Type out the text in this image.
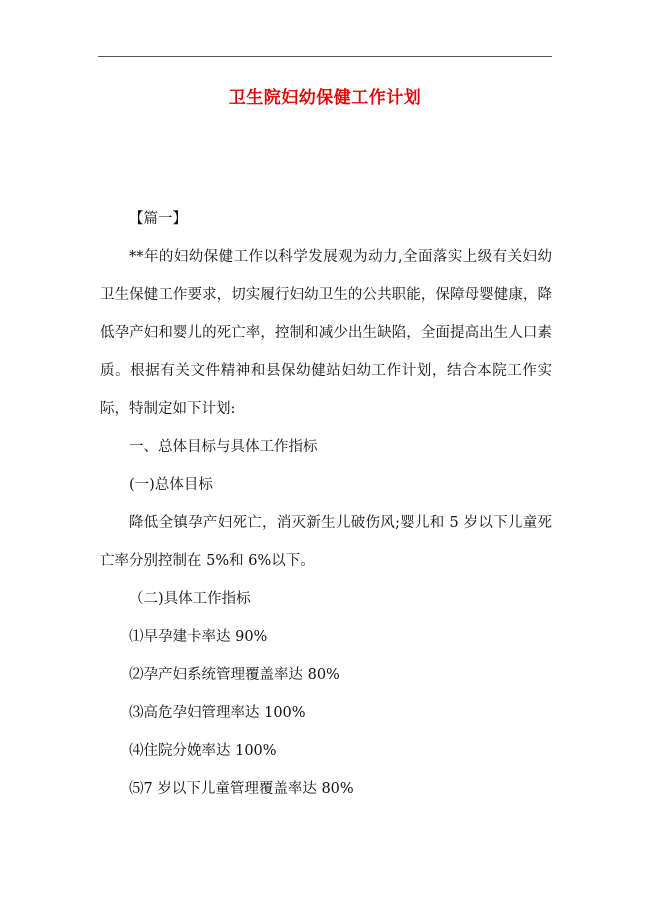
卫生院妇幼保健工作计划

【篇一】

**年的妇幼保健工作以科学发展观为动力,全面落实上级有关妇幼卫生保健工作要求，切实履行妇幼卫生的公共职能，保障母婴健康，降低孕产妇和婴儿的死亡率，控制和减少出生缺陷，全面提高出生人口素质。根据有关文件精神和县保幼健站妇幼工作计划，结合本院工作实际，特制定如下计划:

一、总体目标与具体工作指标

(一)总体目标

降低全镇孕产妇死亡，消灭新生儿破伤风;婴儿和 5 岁以下儿童死亡率分别控制在 5%和 6%以下。

（二)具体工作指标

⑴早孕建卡率达 90%

⑵孕产妇系统管理覆盖率达 80%

⑶高危孕妇管理率达 100%

⑷住院分娩率达 100%

⑸7 岁以下儿童管理覆盖率达 80%
